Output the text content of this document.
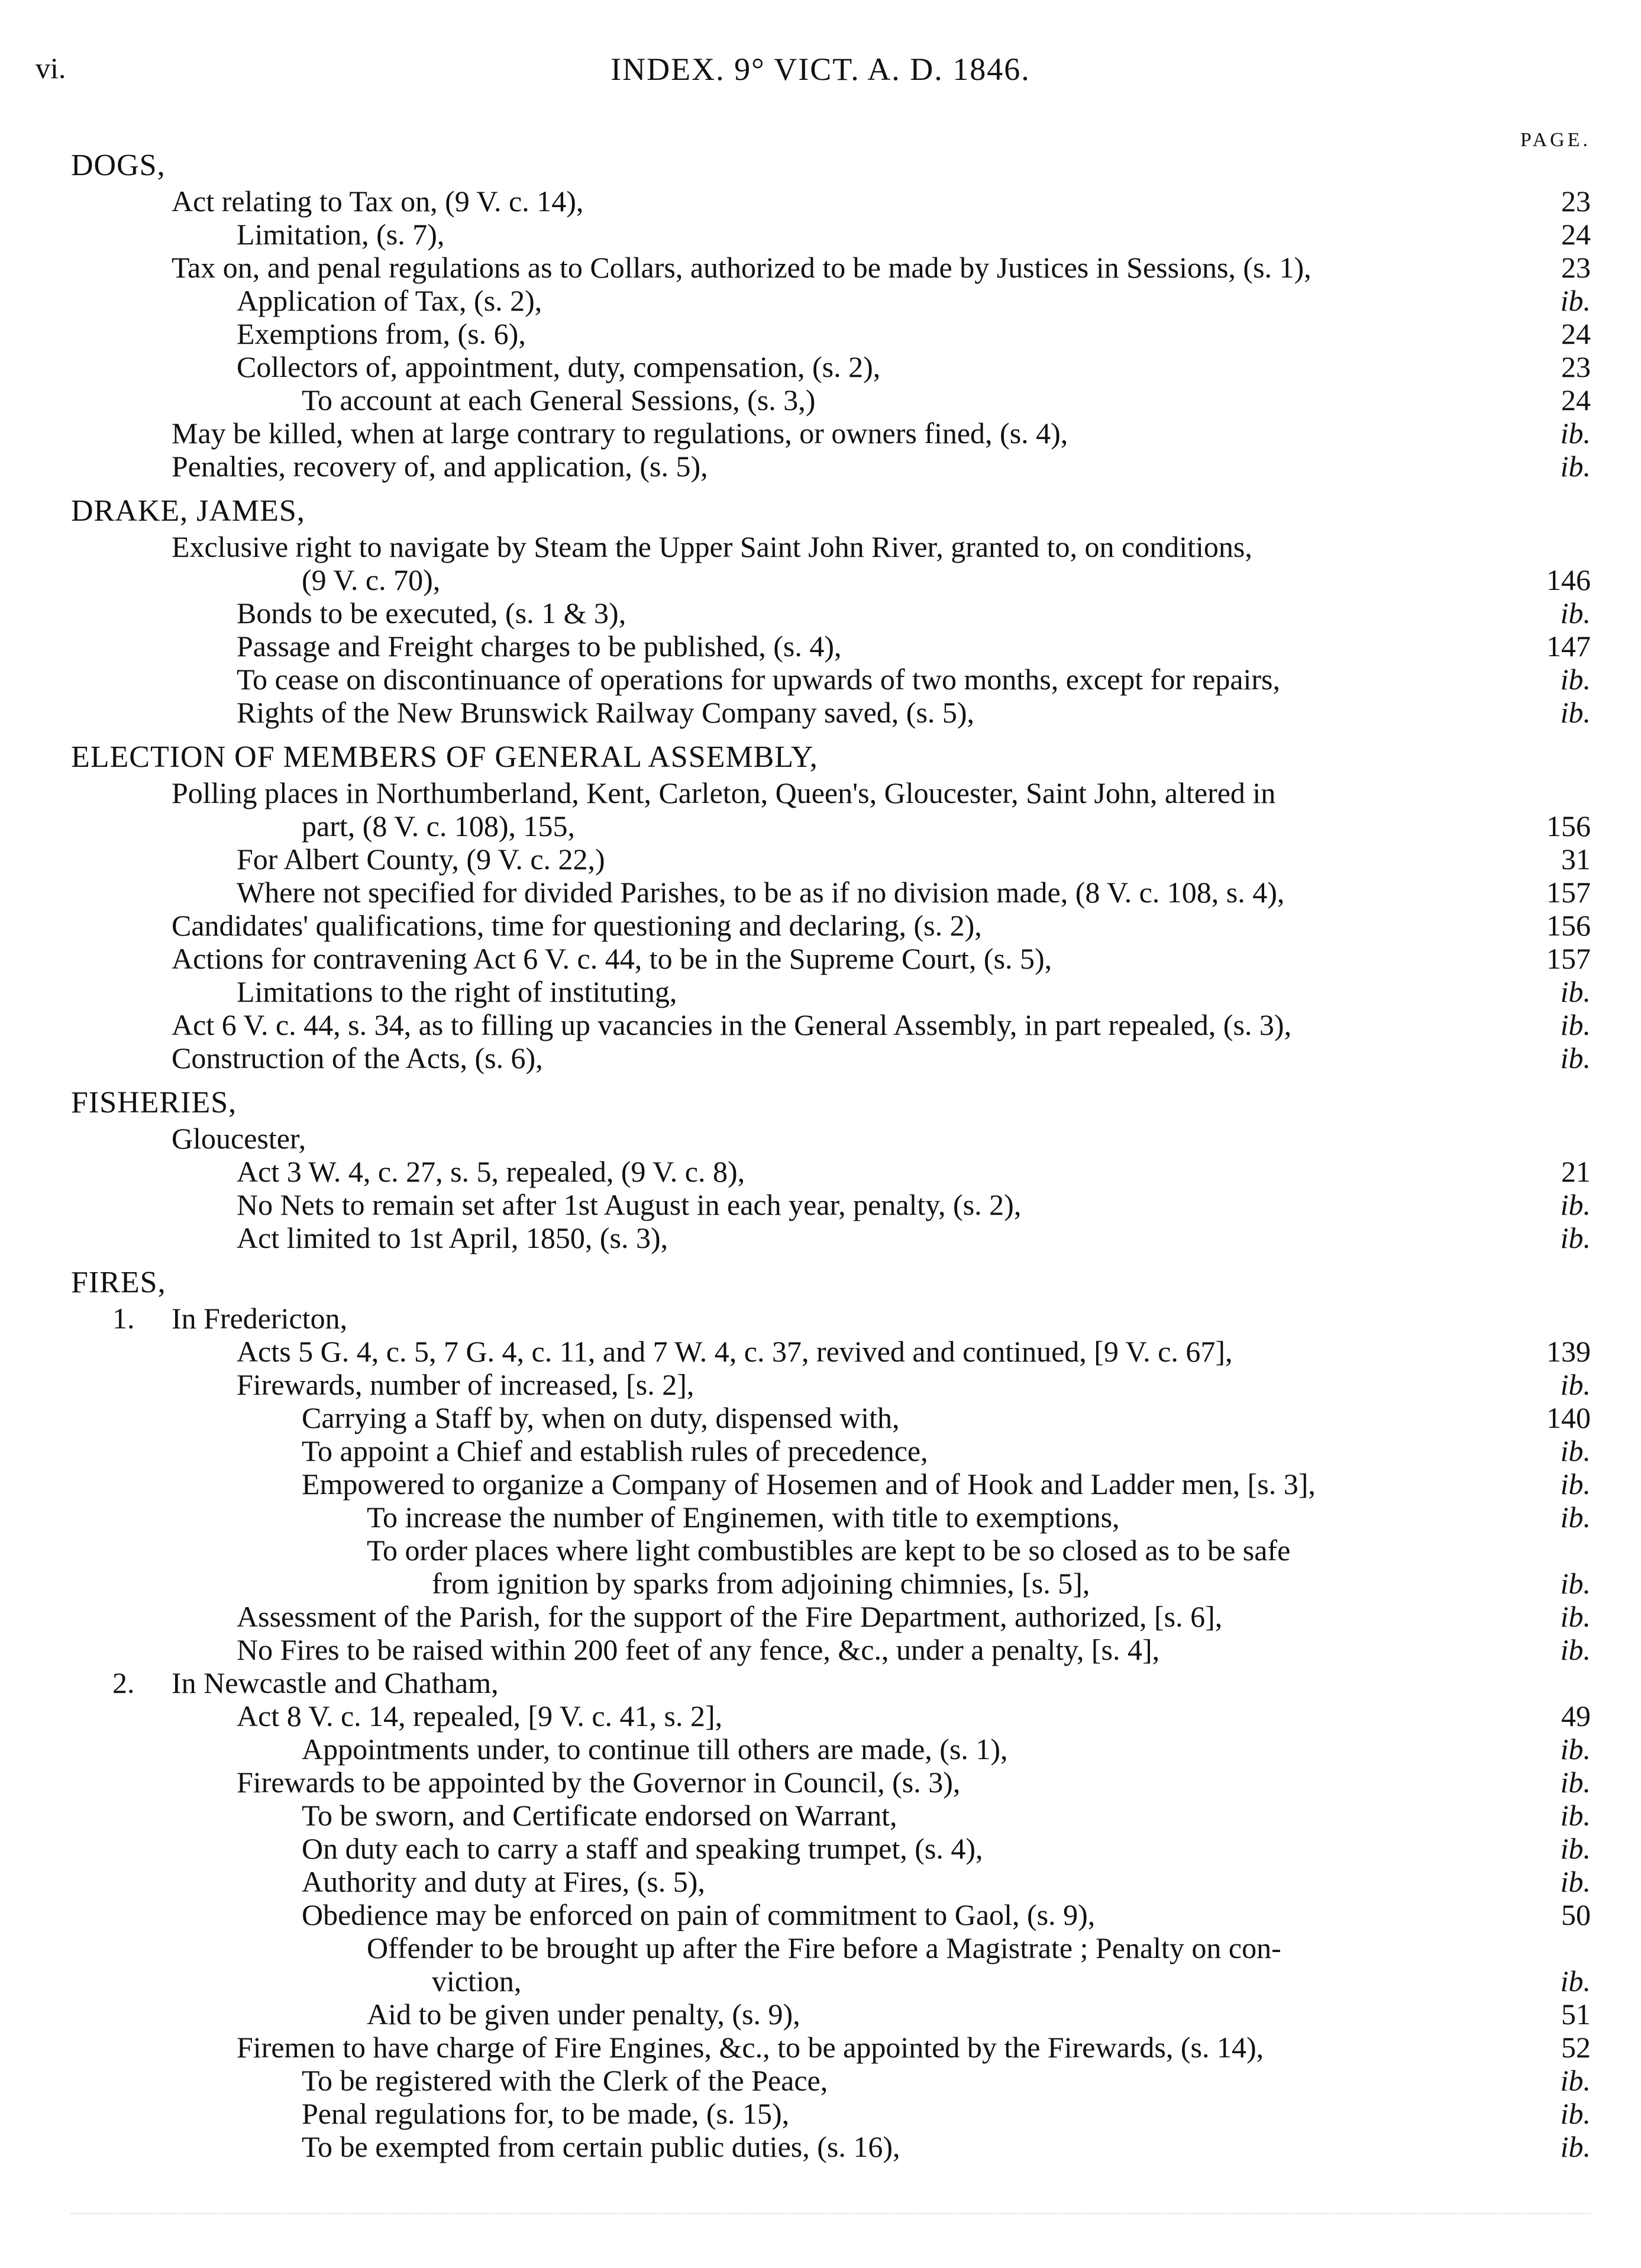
vi.	INDEX. 9° VICT. A. D. 1846.
PAGE.
DOGS,
Act relating to Tax on, (9 V. c. 14),	23
Limitation, (s. 7),	24
Tax on, and penal regulations as to Collars, authorized to be made by Justices in Sessions, (s. 1),	23
Application of Tax, (s. 2),	ib.
Exemptions from, (s. 6),	24
Collectors of, appointment, duty, compensation, (s. 2),	23
To account at each General Sessions, (s. 3,)	24
May be killed, when at large contrary to regulations, or owners fined, (s. 4),	ib.
Penalties, recovery of, and application, (s. 5),	ib.
DRAKE, JAMES,
Exclusive right to navigate by Steam the Upper Saint John River, granted to, on conditions,
(9 V. c. 70),	146
Bonds to be executed, (s. 1 & 3),	ib.
Passage and Freight charges to be published, (s. 4),	147
To cease on discontinuance of operations for upwards of two months, except for repairs,	ib.
Rights of the New Brunswick Railway Company saved, (s. 5),	ib.
ELECTION OF MEMBERS OF GENERAL ASSEMBLY,
Polling places in Northumberland, Kent, Carleton, Queen's, Gloucester, Saint John, altered in
part, (8 V. c. 108), 155,	156
For Albert County, (9 V. c. 22,)	31
Where not specified for divided Parishes, to be as if no division made, (8 V. c. 108, s. 4),	157
Candidates' qualifications, time for questioning and declaring, (s. 2),	156
Actions for contravening Act 6 V. c. 44, to be in the Supreme Court, (s. 5),	157
Limitations to the right of instituting,	ib.
Act 6 V. c. 44, s. 34, as to filling up vacancies in the General Assembly, in part repealed, (s. 3),	ib.
Construction of the Acts, (s. 6),	ib.
FISHERIES,
Gloucester,
Act 3 W. 4, c. 27, s. 5, repealed, (9 V. c. 8),	21
No Nets to remain set after 1st August in each year, penalty, (s. 2),	ib.
Act limited to 1st April, 1850, (s. 3),	ib.
FIRES,
1. In Fredericton,
Acts 5 G. 4, c. 5, 7 G. 4, c. 11, and 7 W. 4, c. 37, revived and continued, [9 V. c. 67],	139
Firewards, number of increased, [s. 2],	ib.
Carrying a Staff by, when on duty, dispensed with,	140
To appoint a Chief and establish rules of precedence,	ib.
Empowered to organize a Company of Hosemen and of Hook and Ladder men, [s. 3],	ib.
To increase the number of Enginemen, with title to exemptions,	ib.
To order places where light combustibles are kept to be so closed as to be safe
from ignition by sparks from adjoining chimnies, [s. 5],	ib.
Assessment of the Parish, for the support of the Fire Department, authorized, [s. 6],	ib.
No Fires to be raised within 200 feet of any fence, &c., under a penalty, [s. 4],	ib.
2. In Newcastle and Chatham,
Act 8 V. c. 14, repealed, [9 V. c. 41, s. 2],	49
Appointments under, to continue till others are made, (s. 1),	ib.
Firewards to be appointed by the Governor in Council, (s. 3),	ib.
To be sworn, and Certificate endorsed on Warrant,	ib.
On duty each to carry a staff and speaking trumpet, (s. 4),	ib.
Authority and duty at Fires, (s. 5),	ib.
Obedience may be enforced on pain of commitment to Gaol, (s. 9),	50
Offender to be brought up after the Fire before a Magistrate ; Penalty on con-
viction,	ib.
Aid to be given under penalty, (s. 9),	51
Firemen to have charge of Fire Engines, &c., to be appointed by the Firewards, (s. 14),	52
To be registered with the Clerk of the Peace,	ib.
Penal regulations for, to be made, (s. 15),	ib.
To be exempted from certain public duties, (s. 16),	ib.
